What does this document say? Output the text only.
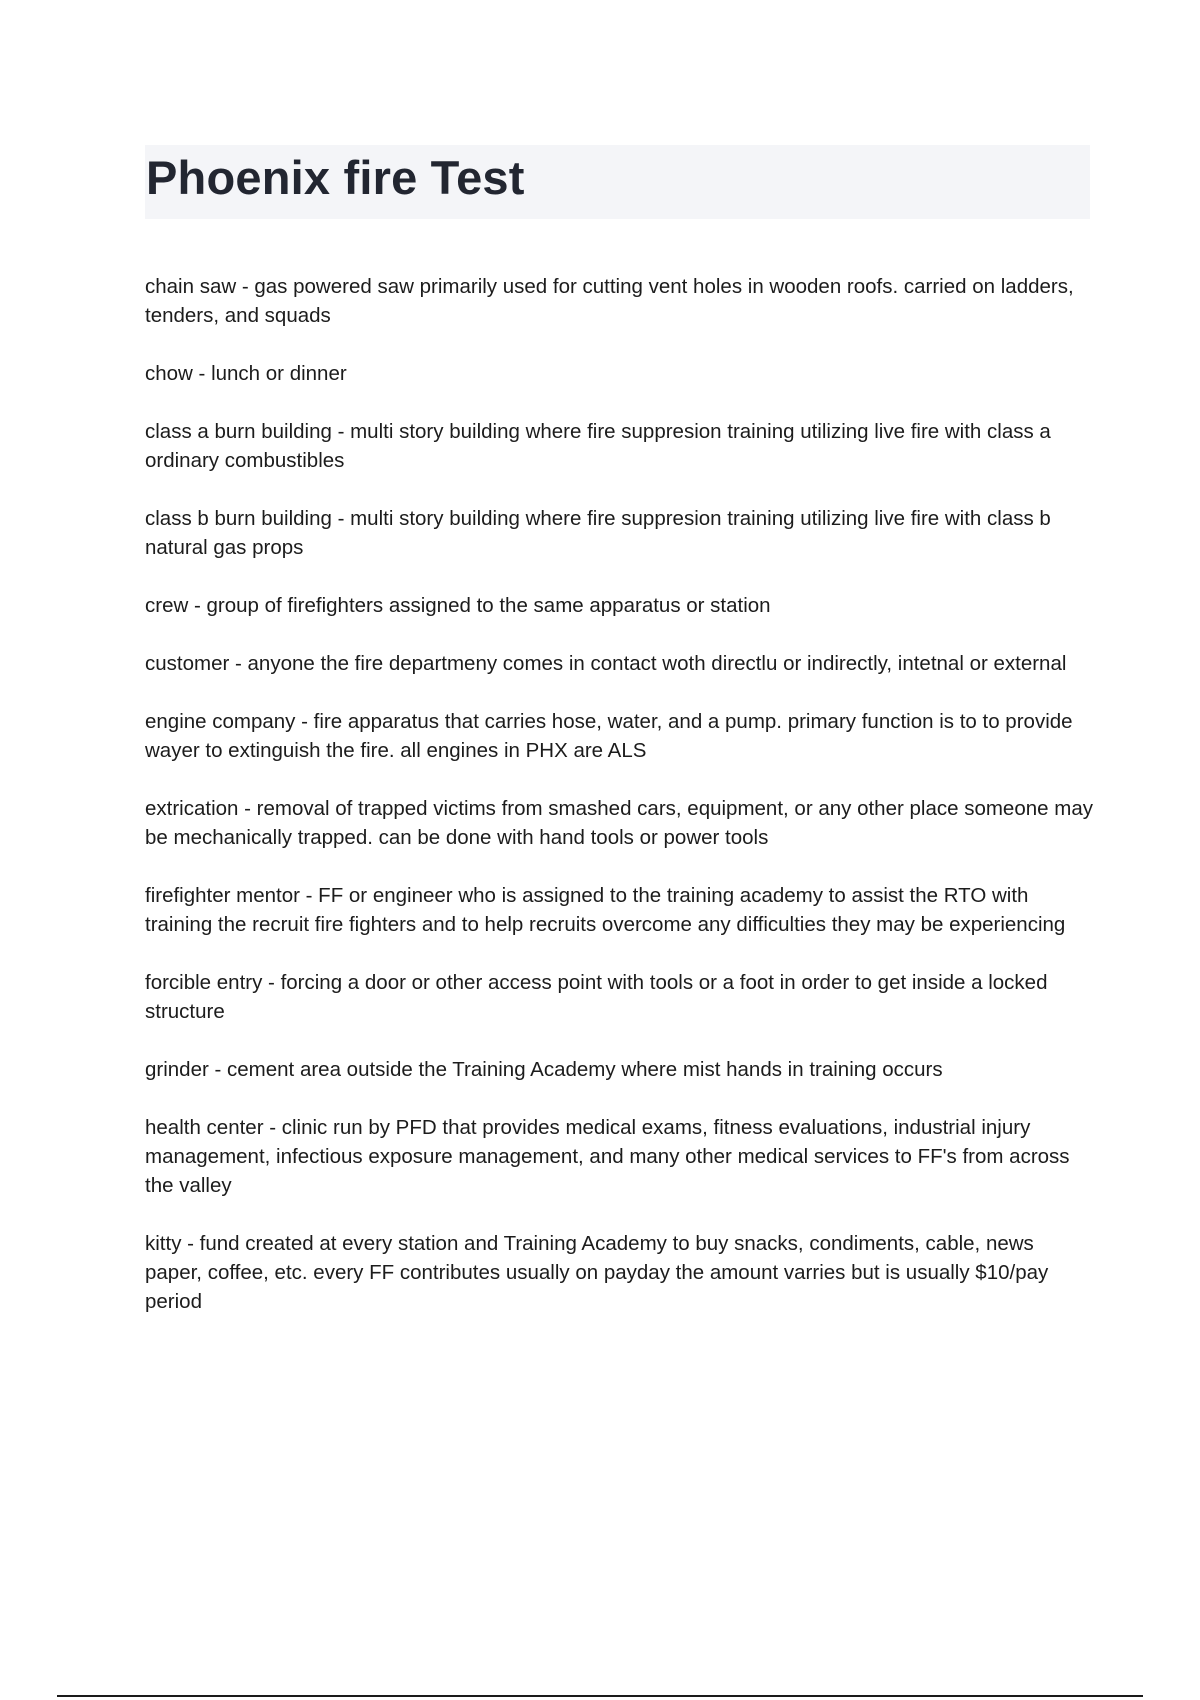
Phoenix fire Test

chain saw - gas powered saw primarily used for cutting vent holes in wooden roofs. carried on ladders, tenders, and squads

chow - lunch or dinner

class a burn building - multi story building where fire suppresion training utilizing live fire with class a ordinary combustibles

class b burn building - multi story building where fire suppresion training utilizing live fire with class b natural gas props

crew - group of firefighters assigned to the same apparatus or station

customer - anyone the fire departmeny comes in contact woth directlu or indirectly, intetnal or external

engine company - fire apparatus that carries hose, water, and a pump. primary function is to to provide wayer to extinguish the fire. all engines in PHX are ALS

extrication - removal of trapped victims from smashed cars, equipment, or any other place someone may be mechanically trapped. can be done with hand tools or power tools

firefighter mentor - FF or engineer who is assigned to the training academy to assist the RTO with training the recruit fire fighters and to help recruits overcome any difficulties they may be experiencing

forcible entry - forcing a door or other access point with tools or a foot in order to get inside a locked structure

grinder - cement area outside the Training Academy where mist hands in training occurs

health center - clinic run by PFD that provides medical exams, fitness evaluations, industrial injury management, infectious exposure management, and many other medical services to FF's from across the valley

kitty - fund created at every station and Training Academy to buy snacks, condiments, cable, news paper, coffee, etc. every FF contributes usually on payday the amount varries but is usually $10/pay period
